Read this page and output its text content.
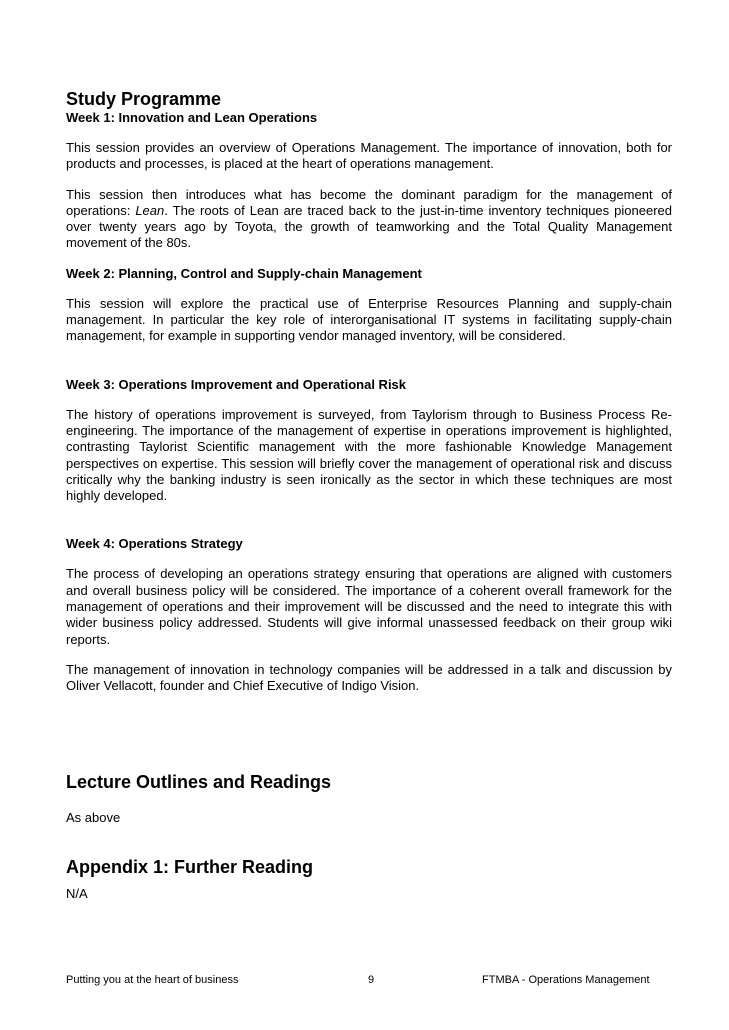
Study Programme
Week 1: Innovation and Lean Operations

This session provides an overview of Operations Management. The importance of innovation, both for products and processes, is placed at the heart of operations management.

This session then introduces what has become the dominant paradigm for the management of operations: Lean. The roots of Lean are traced back to the just-in-time inventory techniques pioneered over twenty years ago by Toyota, the growth of teamworking and the Total Quality Management movement of the 80s.

Week 2: Planning, Control and Supply-chain Management

This session will explore the practical use of Enterprise Resources Planning and supply-chain management. In particular the key role of interorganisational IT systems in facilitating supply-chain management, for example in supporting vendor managed inventory, will be considered.

Week 3: Operations Improvement and Operational Risk

The history of operations improvement is surveyed, from Taylorism through to Business Process Re-engineering. The importance of the management of expertise in operations improvement is highlighted, contrasting Taylorist Scientific management with the more fashionable Knowledge Management perspectives on expertise. This session will briefly cover the management of operational risk and discuss critically why the banking industry is seen ironically as the sector in which these techniques are most highly developed.

Week 4: Operations Strategy

The process of developing an operations strategy ensuring that operations are aligned with customers and overall business policy will be considered. The importance of a coherent overall framework for the management of operations and their improvement will be discussed and the need to integrate this with wider business policy addressed. Students will give informal unassessed feedback on their group wiki reports.

The management of innovation in technology companies will be addressed in a talk and discussion by Oliver Vellacott, founder and Chief Executive of Indigo Vision.

Lecture Outlines and Readings

As above

Appendix 1: Further Reading

N/A

Putting you at the heart of business	9	FTMBA - Operations Management
